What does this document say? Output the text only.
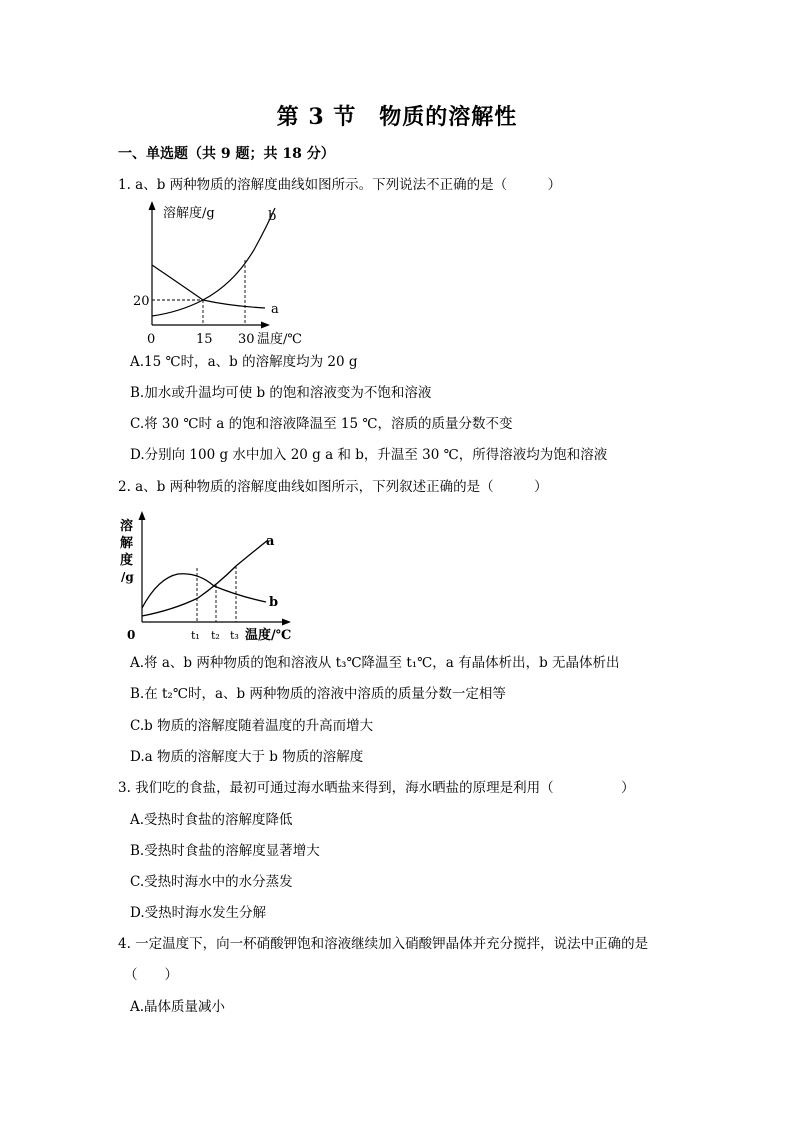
第 3 节　物质的溶解性
一、单选题（共 9 题；共 18 分）
1. a、b 两种物质的溶解度曲线如图所示。下列说法不正确的是（　　　）
溶解度/g	b
a
20
0	15 30 温度/℃
A.15 ℃时，a、b 的溶解度均为 20 g
B.加水或升温均可使 b 的饱和溶液变为不饱和溶液
C.将 30 ℃时 a 的饱和溶液降温至 15 ℃，溶质的质量分数不变
D.分别向 100 g 水中加入 20 g a 和 b，升温至 30 ℃，所得溶液均为饱和溶液
2. a、b 两种物质的溶解度曲线如图所示，下列叙述正确的是（　　　）
溶
解
度
/g
a
b
0	t₁ t₂ t₃ 温度/℃
A.将 a、b 两种物质的饱和溶液从 t₃℃降温至 t₁℃，a 有晶体析出，b 无晶体析出
B.在 t₂℃时，a、b 两种物质的溶液中溶质的质量分数一定相等
C.b 物质的溶解度随着温度的升高而增大
D.a 物质的溶解度大于 b 物质的溶解度
3. 我们吃的食盐，最初可通过海水晒盐来得到，海水晒盐的原理是利用（　　　　　）
A.受热时食盐的溶解度降低
B.受热时食盐的溶解度显著增大
C.受热时海水中的水分蒸发
D.受热时海水发生分解
4. 一定温度下，向一杯硝酸钾饱和溶液继续加入硝酸钾晶体并充分搅拌，说法中正确的是
（　　）
A.晶体质量减小
